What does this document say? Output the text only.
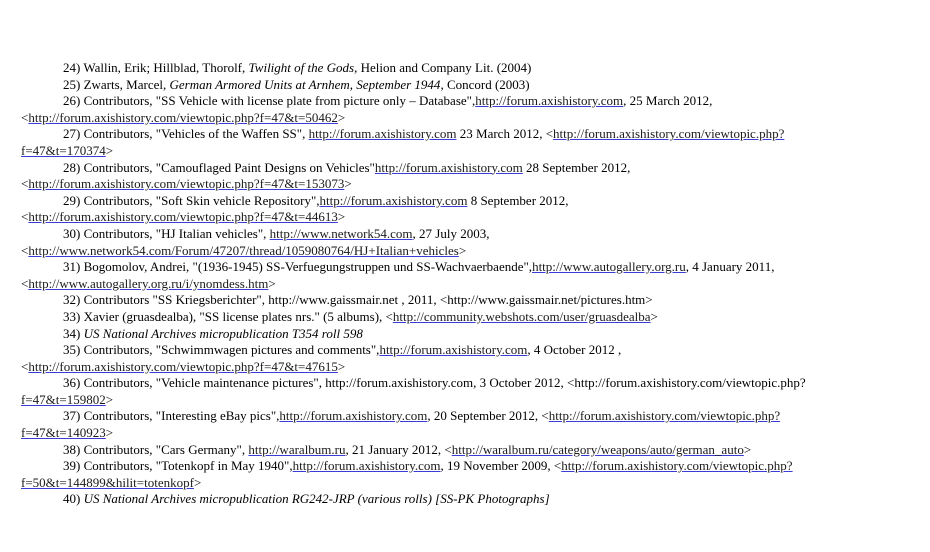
24) Wallin, Erik; Hillblad, Thorolf, Twilight of the Gods, Helion and Company Lit. (2004)
25) Zwarts, Marcel, German Armored Units at Arnhem, September 1944, Concord (2003)
26) Contributors, "SS Vehicle with license plate from picture only – Database",http://forum.axishistory.com, 25 March 2012,
<http://forum.axishistory.com/viewtopic.php?f=47&t=50462>
27) Contributors, "Vehicles of the Waffen SS", http://forum.axishistory.com 23 March 2012, <http://forum.axishistory.com/viewtopic.php?
f=47&t=170374>
28) Contributors, "Camouflaged Paint Designs on Vehicles"http://forum.axishistory.com 28 September 2012,
<http://forum.axishistory.com/viewtopic.php?f=47&t=153073>
29) Contributors, "Soft Skin vehicle Repository",http://forum.axishistory.com 8 September 2012,
<http://forum.axishistory.com/viewtopic.php?f=47&t=44613>
30) Contributors, "HJ Italian vehicles", http://www.network54.com, 27 July 2003,
<http://www.network54.com/Forum/47207/thread/1059080764/HJ+Italian+vehicles>
31) Bogomolov, Andrei, "(1936-1945) SS-Verfuegungstruppen und SS-Wachvaerbaende",http://www.autogallery.org.ru, 4 January 2011,
<http://www.autogallery.org.ru/i/ynomdess.htm>
32) Contributors "SS Kriegsberichter", http://www.gaissmair.net , 2011, <http://www.gaissmair.net/pictures.htm>
33) Xavier (gruasdealba), "SS license plates nrs." (5 albums), <http://community.webshots.com/user/gruasdealba>
34) US National Archives micropublication T354 roll 598
35) Contributors, "Schwimmwagen pictures and comments",http://forum.axishistory.com, 4 October 2012 ,
<http://forum.axishistory.com/viewtopic.php?f=47&t=47615>
36) Contributors, "Vehicle maintenance pictures", http://forum.axishistory.com, 3 October 2012, <http://forum.axishistory.com/viewtopic.php?
f=47&t=159802>
37) Contributors, "Interesting eBay pics",http://forum.axishistory.com, 20 September 2012, <http://forum.axishistory.com/viewtopic.php?
f=47&t=140923>
38) Contributors, "Cars Germany", http://waralbum.ru, 21 January 2012, <http://waralbum.ru/category/weapons/auto/german_auto>
39) Contributors, "Totenkopf in May 1940",http://forum.axishistory.com, 19 November 2009, <http://forum.axishistory.com/viewtopic.php?
f=50&t=144899&hilit=totenkopf>
40) US National Archives micropublication RG242-JRP (various rolls) [SS-PK Photographs]
